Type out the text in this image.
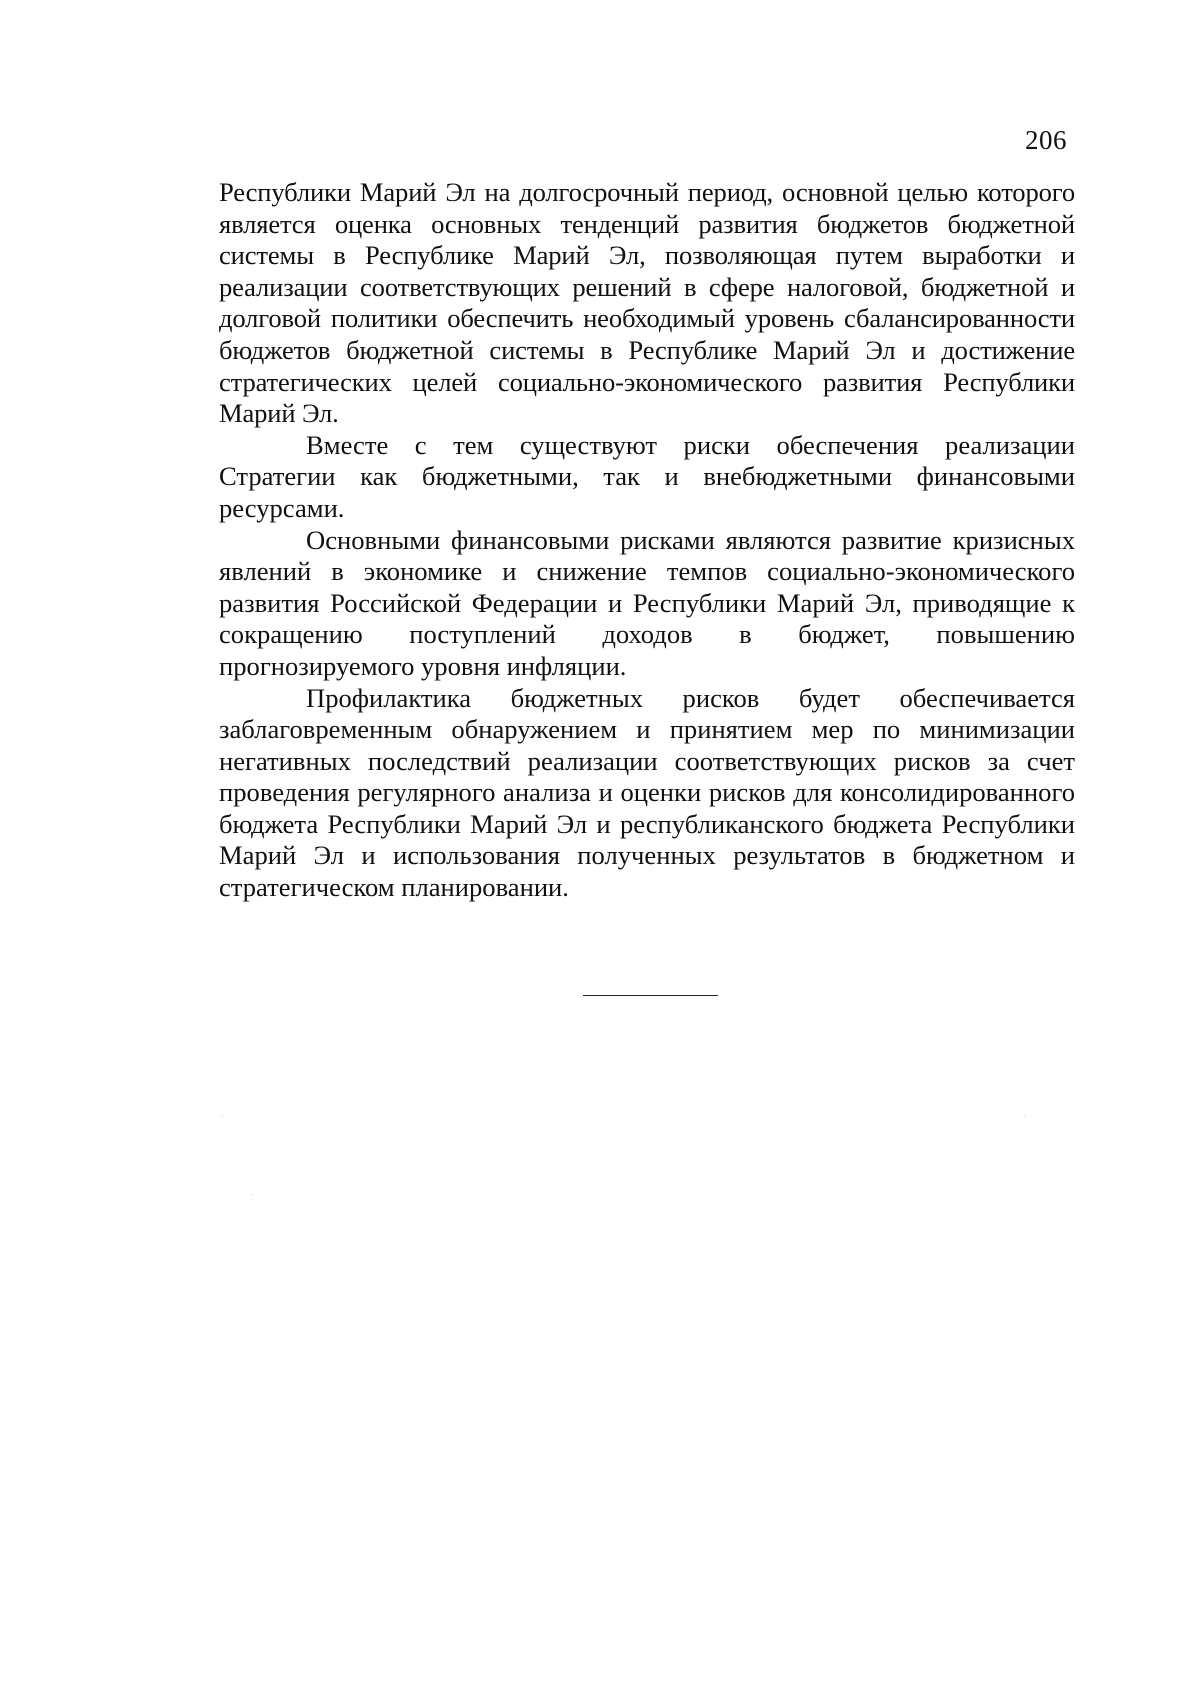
206

Республики Марий Эл на долгосрочный период, основной целью которого является оценка основных тенденций развития бюджетов бюджетной системы в Республике Марий Эл, позволяющая путем выработки и реализации соответствующих решений в сфере налоговой, бюджетной и долговой политики обеспечить необходимый уровень сбалансированности бюджетов бюджетной системы в Республике Марий Эл и достижение стратегических целей социально-экономического развития Республики Марий Эл.

Вместе с тем существуют риски обеспечения реализации Стратегии как бюджетными, так и внебюджетными финансовыми ресурсами.

Основными финансовыми рисками являются развитие кризисных явлений в экономике и снижение темпов социально-экономического развития Российской Федерации и Республики Марий Эл, приводящие к сокращению поступлений доходов в бюджет, повышению прогнозируемого уровня инфляции.

Профилактика бюджетных рисков будет обеспечивается заблаговременным обнаружением и принятием мер по минимизации негативных последствий реализации соответствующих рисков за счет проведения регулярного анализа и оценки рисков для консолидированного бюджета Республики Марий Эл и республиканского бюджета Республики Марий Эл и использования полученных результатов в бюджетном и стратегическом планировании.
